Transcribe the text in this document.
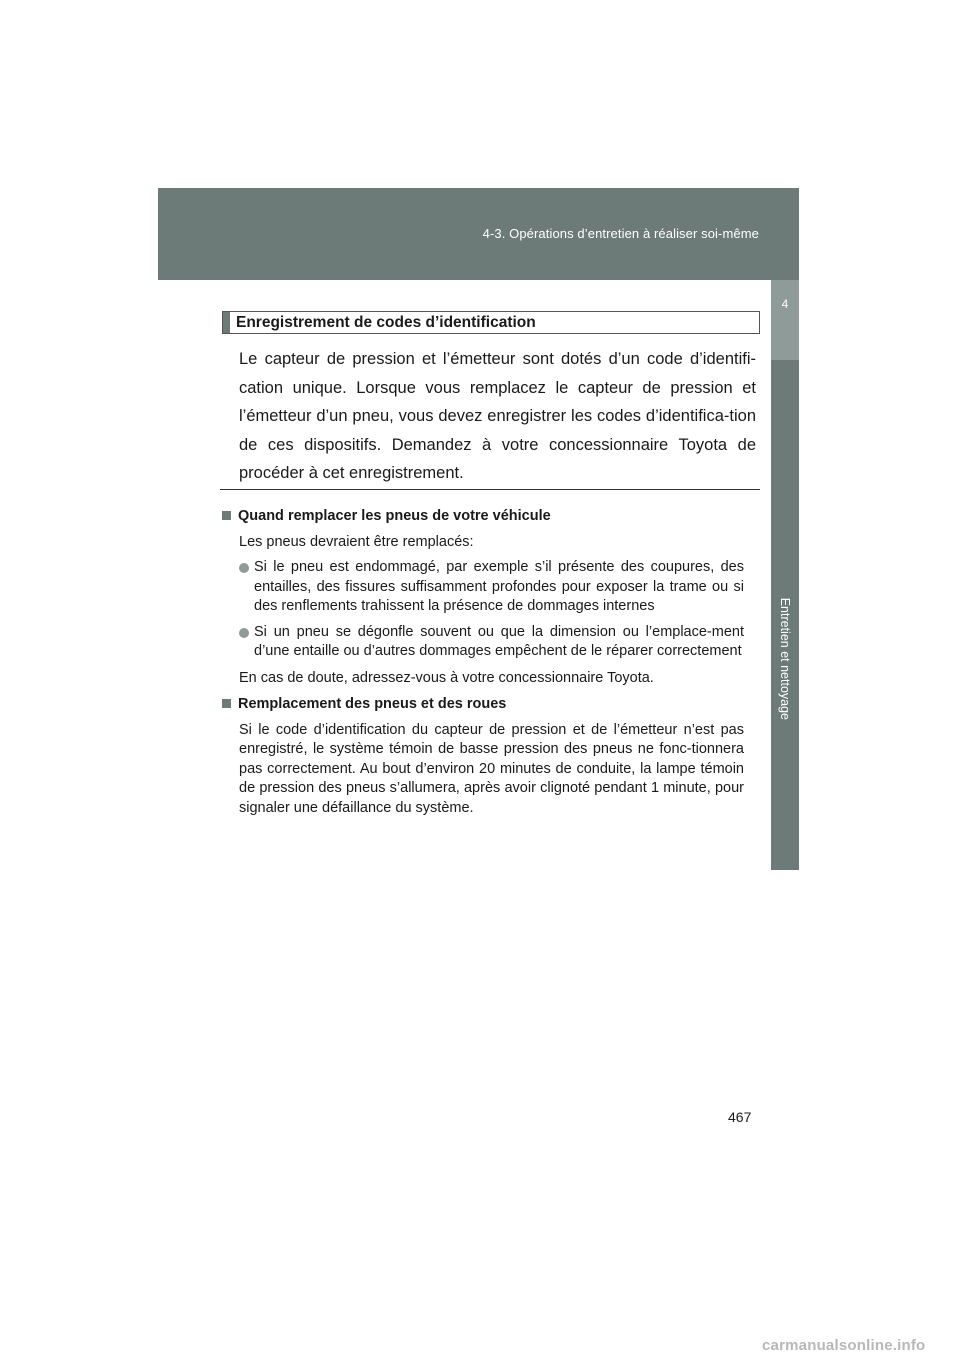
4-3. Opérations d’entretien à réaliser soi-même
4
Entretien et nettoyage
Enregistrement de codes d’identification
Le capteur de pression et l’émetteur sont dotés d’un code d’identifi-cation unique. Lorsque vous remplacez le capteur de pression et l’émetteur d’un pneu, vous devez enregistrer les codes d’identifica-tion de ces dispositifs. Demandez à votre concessionnaire Toyota de procéder à cet enregistrement.
Quand remplacer les pneus de votre véhicule
Les pneus devraient être remplacés:
Si le pneu est endommagé, par exemple s’il présente des coupures, des entailles, des fissures suffisamment profondes pour exposer la trame ou si des renflements trahissent la présence de dommages internes
Si un pneu se dégonfle souvent ou que la dimension ou l’emplace-ment d’une entaille ou d’autres dommages empêchent de le réparer correctement
En cas de doute, adressez-vous à votre concessionnaire Toyota.
Remplacement des pneus et des roues
Si le code d’identification du capteur de pression et de l’émetteur n’est pas enregistré, le système témoin de basse pression des pneus ne fonc-tionnera pas correctement. Au bout d’environ 20 minutes de conduite, la lampe témoin de pression des pneus s’allumera, après avoir clignoté pendant 1 minute, pour signaler une défaillance du système.
467
carmanualsonline.info
